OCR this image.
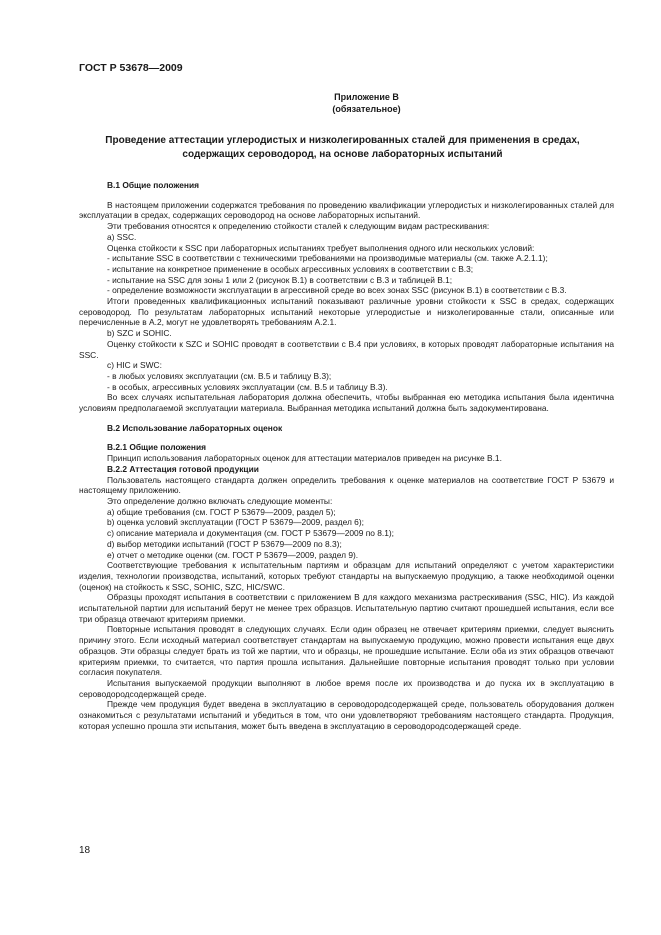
ГОСТ Р 53678—2009
Приложение В
(обязательное)
Проведение аттестации углеродистых и низколегированных сталей для применения в средах, содержащих сероводород, на основе лабораторных испытаний

В.1 Общие положения

В настоящем приложении содержатся требования по проведению квалификации углеродистых и низколегированных сталей для эксплуатации в средах, содержащих сероводород на основе лабораторных испытаний.

Эти требования относятся к определению стойкости сталей к следующим видам растрескивания:

а) SSC.

Оценка стойкости к SSC при лабораторных испытаниях требует выполнения одного или нескольких условий:

- испытание SSC в соответствии с техническими требованиями на производимые материалы (см. также А.2.1.1);

- испытание на конкретное применение в особых агрессивных условиях в соответствии с В.3;

- испытание на SSC для зоны 1 или 2 (рисунок В.1) в соответствии с В.3 и таблицей В.1;

- определение возможности эксплуатации в агрессивной среде во всех зонах SSC (рисунок В.1) в соответствии с В.3.

Итоги проведенных квалификационных испытаний показывают различные уровни стойкости к SSC в средах, содержащих сероводород. По результатам лабораторных испытаний некоторые углеродистые и низколегированные стали, описанные или перечисленные в А.2, могут не удовлетворять требованиям А.2.1.

b) SZC и SOHIC.

Оценку стойкости к SZC и SOHIC проводят в соответствии с В.4 при условиях, в которых проводят лабораторные испытания на SSC.

с) HIC и SWC:

- в любых условиях эксплуатации (см. В.5 и таблицу В.3);

- в особых, агрессивных условиях эксплуатации (см. В.5 и таблицу В.3).

Во всех случаях испытательная лаборатория должна обеспечить, чтобы выбранная ею методика испытания была идентична условиям предполагаемой эксплуатации материала. Выбранная методика испытаний должна быть задокументирована.

В.2 Использование лабораторных оценок

В.2.1 Общие положения

Принцип использования лабораторных оценок для аттестации материалов приведен на рисунке В.1.

В.2.2 Аттестация готовой продукции

Пользователь настоящего стандарта должен определить требования к оценке материалов на соответствие ГОСТ Р 53679 и настоящему приложению.

Это определение должно включать следующие моменты:

а) общие требования (см. ГОСТ Р 53679—2009, раздел 5);

b) оценка условий эксплуатации (ГОСТ Р 53679—2009, раздел 6);

с) описание материала и документация (см. ГОСТ Р 53679—2009 по 8.1);

d) выбор методики испытаний (ГОСТ Р 53679—2009 по 8.3);

е) отчет о методике оценки (см. ГОСТ Р 53679—2009, раздел 9).

Соответствующие требования к испытательным партиям и образцам для испытаний определяют с учетом характеристики изделия, технологии производства, испытаний, которых требуют стандарты на выпускаемую продукцию, а также необходимой оценки (оценок) на стойкость к SSC, SOHIC, SZC, HIC/SWC.

Образцы проходят испытания в соответствии с приложением В для каждого механизма растрескивания (SSC, HIC). Из каждой испытательной партии для испытаний берут не менее трех образцов. Испытательную партию считают прошедшей испытания, если все три образца отвечают критериям приемки.

Повторные испытания проводят в следующих случаях. Если один образец не отвечает критериям приемки, следует выяснить причину этого. Если исходный материал соответствует стандартам на выпускаемую продукцию, можно провести испытания еще двух образцов. Эти образцы следует брать из той же партии, что и образцы, не прошедшие испытание. Если оба из этих образцов отвечают критериям приемки, то считается, что партия прошла испытания. Дальнейшие повторные испытания проводят только при условии согласия покупателя.

Испытания выпускаемой продукции выполняют в любое время после их производства и до пуска их в эксплуатацию в сероводородсодержащей среде.

Прежде чем продукция будет введена в эксплуатацию в сероводородсодержащей среде, пользователь оборудования должен ознакомиться с результатами испытаний и убедиться в том, что они удовлетворяют требованиям настоящего стандарта. Продукция, которая успешно прошла эти испытания, может быть введена в эксплуатацию в сероводородсодержащей среде.

18
